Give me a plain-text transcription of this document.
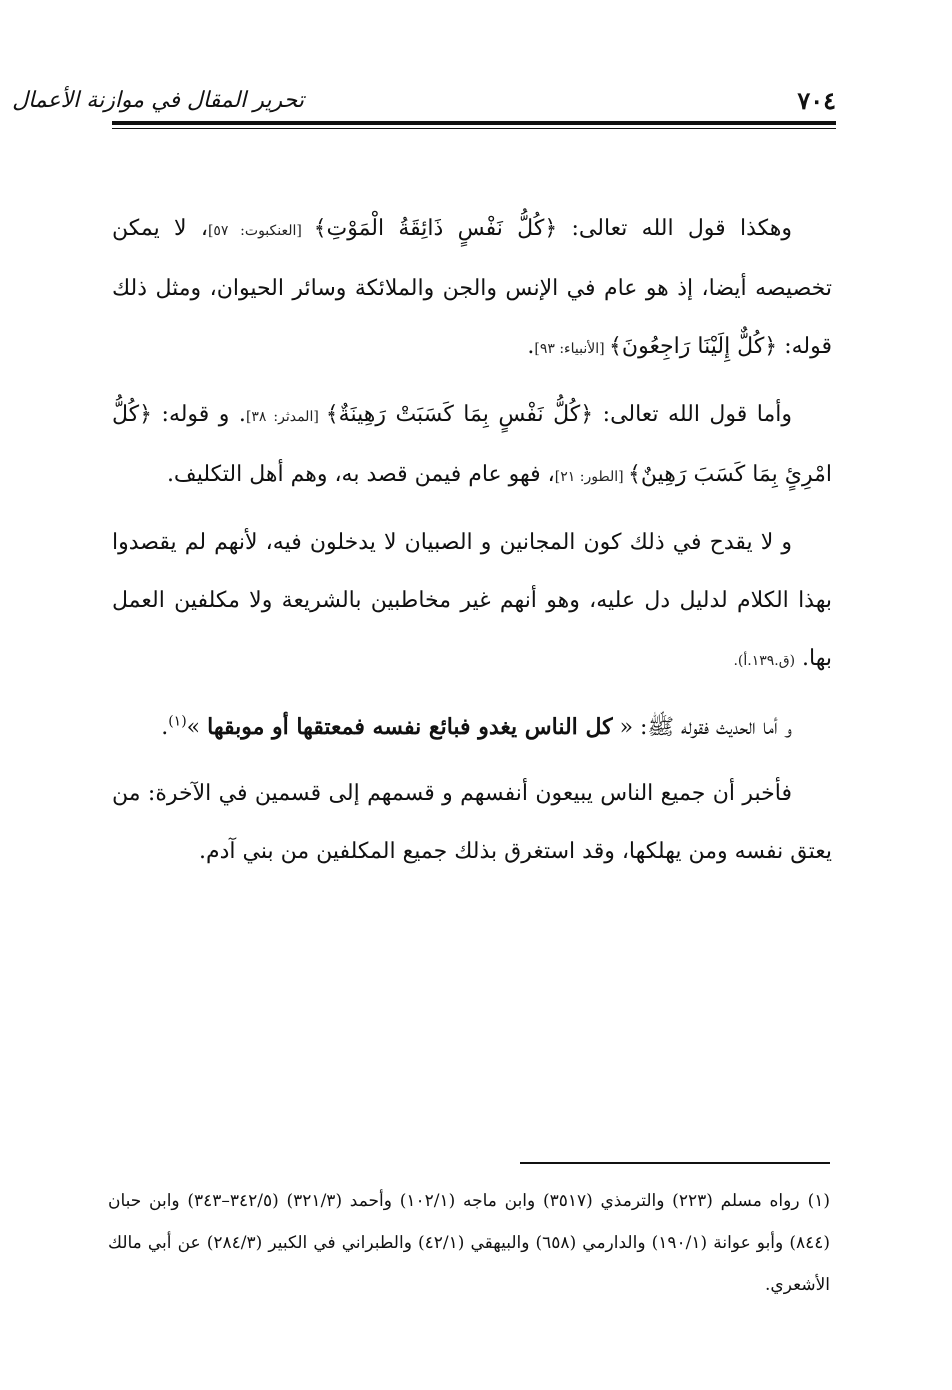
٧٠٤
تحرير المقال في موازنة الأعمال

وهكذا قول الله تعالى: ﴿كُلُّ نَفْسٍ ذَائِقَةُ الْمَوْتِ﴾ [العنكبوت: ٥٧]، لا يمكن تخصيصه أيضا، إذ هو عام في الإنس والجن والملائكة وسائر الحيوان، ومثل ذلك قوله: ﴿كُلٌّ إِلَيْنَا رَاجِعُونَ﴾ [الأنبياء: ٩٣].

وأما قول الله تعالى: ﴿كُلُّ نَفْسٍ بِمَا كَسَبَتْ رَهِينَةٌ﴾ [المدثر: ٣٨]. و قوله: ﴿كُلُّ امْرِئٍ بِمَا كَسَبَ رَهِينٌ﴾ [الطور: ٢١]، فهو عام فيمن قصد به، وهم أهل التكليف.

و لا يقدح في ذلك كون المجانين و الصبيان لا يدخلون فيه، لأنهم لم يقصدوا بهذا الكلام لدليل دل عليه، وهو أنهم غير مخاطبين بالشريعة ولا مكلفين العمل بها. (ق.١٣٩.أ).

و أما الحديث فقوله ﷺ: « كل الناس يغدو فبائع نفسه فمعتقها أو موبقها »$^{(١)}$.

فأخبر أن جميع الناس يبيعون أنفسهم و قسمهم إلى قسمين في الآخرة: من يعتق نفسه ومن يهلكها، وقد استغرق بذلك جميع المكلفين من بني آدم.

(١)رواه مسلم (٢٢٣) والترمذي (٣٥١٧) وابن ماجه (١٠٢/١) وأحمد (٣٢١/٣) (٣٤٢/٥–٣٤٣) وابن حبان (٨٤٤) وأبو عوانة (١٩٠/١) والدارمي (٦٥٨) والبيهقي (٤٢/١) والطبراني في الكبير (٢٨٤/٣) عن أبي مالك الأشعري.
